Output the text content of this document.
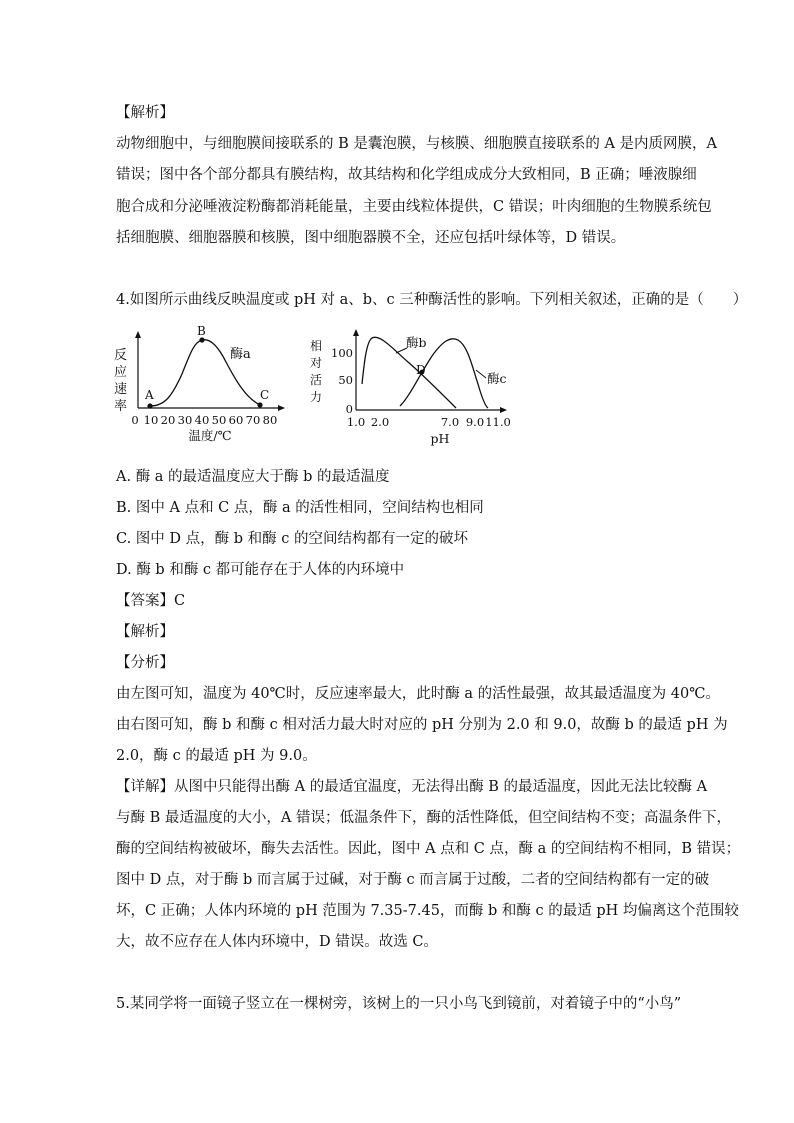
【解析】
动物细胞中，与细胞膜间接联系的 B 是囊泡膜，与核膜、细胞膜直接联系的 A 是内质网膜，A
错误；图中各个部分都具有膜结构，故其结构和化学组成成分大致相同，B 正确；唾液腺细
胞合成和分泌唾液淀粉酶都消耗能量，主要由线粒体提供，C 错误；叶肉细胞的生物膜系统包
括细胞膜、细胞器膜和核膜，图中细胞器膜不全，还应包括叶绿体等，D 错误。
4.如图所示曲线反映温度或 pH 对 a、b、c 三种酶活性的影响。下列相关叙述，正确的是（　　）
反
应
速
率
A
B
C
酶a
0 10 20 30 40 50 60 70 80
温度/℃
相
对
活
力
100
50
0
D
酶b
酶c
1.0 2.0	7.0 9.0 11.0
pH
A. 酶 a 的最适温度应大于酶 b 的最适温度
B. 图中 A 点和 C 点，酶 a 的活性相同，空间结构也相同
C. 图中 D 点，酶 b 和酶 c 的空间结构都有一定的破坏
D. 酶 b 和酶 c 都可能存在于人体的内环境中
【答案】C
【解析】
【分析】
由左图可知，温度为 40℃时，反应速率最大，此时酶 a 的活性最强，故其最适温度为 40℃。
由右图可知，酶 b 和酶 c 相对活力最大时对应的 pH 分别为 2.0 和 9.0，故酶 b 的最适 pH 为
2.0，酶 c 的最适 pH 为 9.0。
【详解】从图中只能得出酶 A 的最适宜温度，无法得出酶 B 的最适温度，因此无法比较酶 A
与酶 B 最适温度的大小，A 错误；低温条件下，酶的活性降低，但空间结构不变；高温条件下，
酶的空间结构被破坏，酶失去活性。因此，图中 A 点和 C 点，酶 a 的空间结构不相同，B 错误；
图中 D 点，对于酶 b 而言属于过碱，对于酶 c 而言属于过酸，二者的空间结构都有一定的破
坏，C 正确；人体内环境的 pH 范围为 7.35-7.45，而酶 b 和酶 c 的最适 pH 均偏离这个范围较
大，故不应存在人体内环境中，D 错误。故选 C。
5.某同学将一面镜子竖立在一棵树旁，该树上的一只小鸟飞到镜前，对着镜子中的“小鸟”
